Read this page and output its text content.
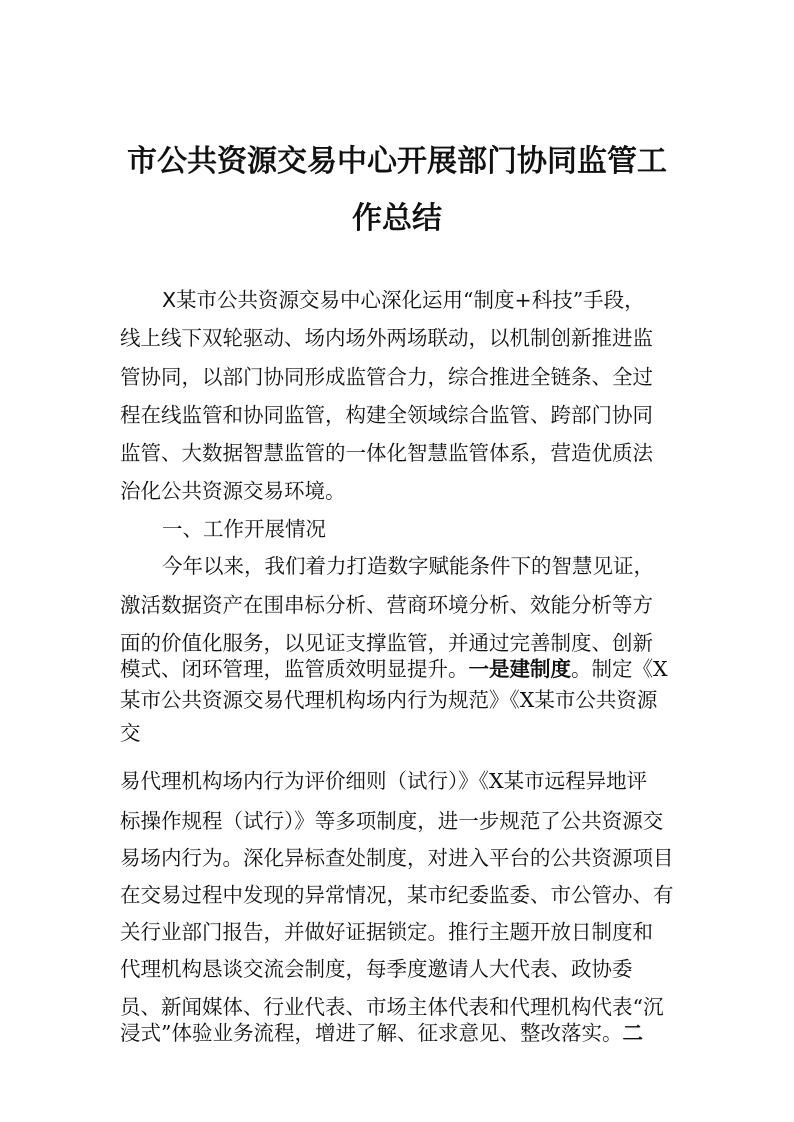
市公共资源交易中心开展部门协同监管工
作总结
X某市公共资源交易中心深化运用“制度+科技”手段，
线上线下双轮驱动、场内场外两场联动，以机制创新推进监
管协同，以部门协同形成监管合力，综合推进全链条、全过
程在线监管和协同监管，构建全领域综合监管、跨部门协同
监管、大数据智慧监管的一体化智慧监管体系，营造优质法
治化公共资源交易环境。
一、工作开展情况
今年以来，我们着力打造数字赋能条件下的智慧见证，
激活数据资产在围串标分析、营商环境分析、效能分析等方
面的价值化服务，以见证支撑监管，并通过完善制度、创新
模式、闭环管理，监管质效明显提升。一是建制度。制定《X
某市公共资源交易代理机构场内行为规范》《X某市公共资源
交
易代理机构场内行为评价细则（试行）》《X某市远程异地评
标操作规程（试行）》等多项制度，进一步规范了公共资源交
易场内行为。深化异标查处制度，对进入平台的公共资源项目
在交易过程中发现的异常情况，某市纪委监委、市公管办、有
关行业部门报告，并做好证据锁定。推行主题开放日制度和
代理机构恳谈交流会制度，每季度邀请人大代表、政协委
员、新闻媒体、行业代表、市场主体代表和代理机构代表“沉
浸式”体验业务流程，增进了解、征求意见、整改落实。二
